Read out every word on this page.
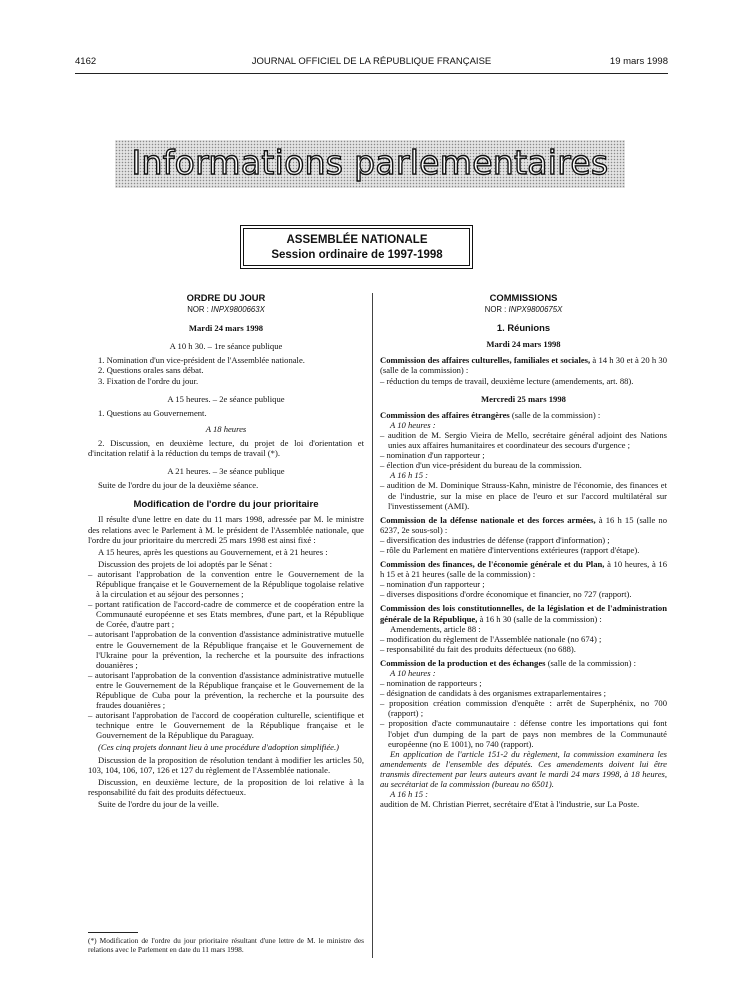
4162	JOURNAL OFFICIEL DE LA RÉPUBLIQUE FRANÇAISE	19 mars 1998
Informations parlementaires
ASSEMBLÉE NATIONALE
Session ordinaire de 1997-1998

ORDRE DU JOUR

NOR : INPX9800663X

Mardi 24 mars 1998

A 10 h 30. – 1re séance publique

1. Nomination d'un vice-président de l'Assemblée nationale.
2. Questions orales sans débat.
3. Fixation de l'ordre du jour.

A 15 heures. – 2e séance publique

1. Questions au Gouvernement.

A 18 heures

2. Discussion, en deuxième lecture, du projet de loi d'orientation et d'incitation relatif à la réduction du temps de travail (*).

A 21 heures. – 3e séance publique

Suite de l'ordre du jour de la deuxième séance.

Modification de l'ordre du jour prioritaire

Il résulte d'une lettre en date du 11 mars 1998, adressée par M. le ministre des relations avec le Parlement à M. le président de l'Assemblée nationale, que l'ordre du jour prioritaire du mercredi 25 mars 1998 est ainsi fixé :

A 15 heures, après les questions au Gouvernement, et à 21 heures :

Discussion des projets de loi adoptés par le Sénat :

– autorisant l'approbation de la convention entre le Gouvernement de la République française et le Gouvernement de la République togolaise relative à la circulation et au séjour des personnes ;

– portant ratification de l'accord-cadre de commerce et de coopération entre la Communauté européenne et ses Etats membres, d'une part, et la République de Corée, d'autre part ;

– autorisant l'approbation de la convention d'assistance administrative mutuelle entre le Gouvernement de la République française et le Gouvernement de l'Ukraine pour la prévention, la recherche et la poursuite des infractions douanières ;

– autorisant l'approbation de la convention d'assistance administrative mutuelle entre le Gouvernement de la République française et le Gouvernement de la République de Cuba pour la prévention, la recherche et la poursuite des fraudes douanières ;

– autorisant l'approbation de l'accord de coopération culturelle, scientifique et technique entre le Gouvernement de la République française et le Gouvernement de la République du Paraguay.

(Ces cinq projets donnant lieu à une procédure d'adoption simplifiée.)

Discussion de la proposition de résolution tendant à modifier les articles 50, 103, 104, 106, 107, 126 et 127 du règlement de l'Assemblée nationale.

Discussion, en deuxième lecture, de la proposition de loi relative à la responsabilité du fait des produits défectueux.

Suite de l'ordre du jour de la veille.

(*) Modification de l'ordre du jour prioritaire résultant d'une lettre de M. le ministre des relations avec le Parlement en date du 11 mars 1998.

COMMISSIONS

NOR : INPX9800675X

1. Réunions

Mardi 24 mars 1998

Commission des affaires culturelles, familiales et sociales, à 14 h 30 et à 20 h 30 (salle de la commission) :

– réduction du temps de travail, deuxième lecture (amendements, art. 88).

Mercredi 25 mars 1998

Commission des affaires étrangères (salle de la commission) :

A 10 heures :

– audition de M. Sergio Vieira de Mello, secrétaire général adjoint des Nations unies aux affaires humanitaires et coordinateur des secours d'urgence ;

– nomination d'un rapporteur ;

– élection d'un vice-président du bureau de la commission.

A 16 h 15 :

– audition de M. Dominique Strauss-Kahn, ministre de l'économie, des finances et de l'industrie, sur la mise en place de l'euro et sur l'accord multilatéral sur l'investissement (AMI).

Commission de la défense nationale et des forces armées, à 16 h 15 (salle no 6237, 2e sous-sol) :

– diversification des industries de défense (rapport d'information) ;

– rôle du Parlement en matière d'interventions extérieures (rapport d'étape).

Commission des finances, de l'économie générale et du Plan, à 10 heures, à 16 h 15 et à 21 heures (salle de la commission) :

– nomination d'un rapporteur ;

– diverses dispositions d'ordre économique et financier, no 727 (rapport).

Commission des lois constitutionnelles, de la législation et de l'administration générale de la République, à 16 h 30 (salle de la commission) :

Amendements, article 88 :

– modification du règlement de l'Assemblée nationale (no 674) ;

– responsabilité du fait des produits défectueux (no 688).

Commission de la production et des échanges (salle de la commission) :

A 10 heures :

– nomination de rapporteurs ;

– désignation de candidats à des organismes extraparlementaires ;

– proposition création commission d'enquête : arrêt de Superphénix, no 700 (rapport) ;

– proposition d'acte communautaire : défense contre les importations qui font l'objet d'un dumping de la part de pays non membres de la Communauté européenne (no E 1001), no 740 (rapport).

En application de l'article 151-2 du règlement, la commission examinera les amendements de l'ensemble des députés. Ces amendements doivent lui être transmis directement par leurs auteurs avant le mardi 24 mars 1998, à 18 heures, au secrétariat de la commission (bureau no 6501).

A 16 h 15 :

audition de M. Christian Pierret, secrétaire d'Etat à l'industrie, sur La Poste.
